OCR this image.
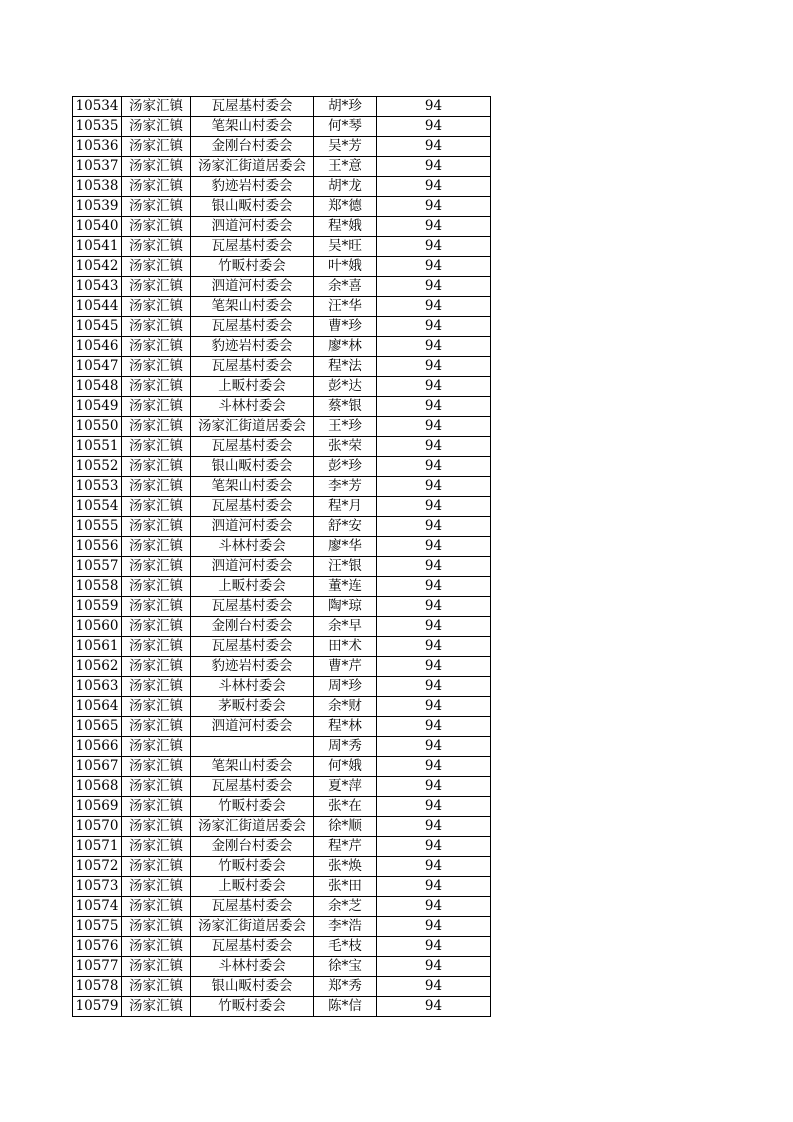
10534	汤家汇镇	瓦屋基村委会	胡*珍	94
10535	汤家汇镇	笔架山村委会	何*琴	94
10536	汤家汇镇	金刚台村委会	吴*芳	94
10537	汤家汇镇	汤家汇街道居委会	王*意	94
10538	汤家汇镇	豹迹岩村委会	胡*龙	94
10539	汤家汇镇	银山畈村委会	郑*德	94
10540	汤家汇镇	泗道河村委会	程*娥	94
10541	汤家汇镇	瓦屋基村委会	吴*旺	94
10542	汤家汇镇	竹畈村委会	叶*娥	94
10543	汤家汇镇	泗道河村委会	余*喜	94
10544	汤家汇镇	笔架山村委会	汪*华	94
10545	汤家汇镇	瓦屋基村委会	曹*珍	94
10546	汤家汇镇	豹迹岩村委会	廖*林	94
10547	汤家汇镇	瓦屋基村委会	程*法	94
10548	汤家汇镇	上畈村委会	彭*达	94
10549	汤家汇镇	斗林村委会	蔡*银	94
10550	汤家汇镇	汤家汇街道居委会	王*珍	94
10551	汤家汇镇	瓦屋基村委会	张*荣	94
10552	汤家汇镇	银山畈村委会	彭*珍	94
10553	汤家汇镇	笔架山村委会	李*芳	94
10554	汤家汇镇	瓦屋基村委会	程*月	94
10555	汤家汇镇	泗道河村委会	舒*安	94
10556	汤家汇镇	斗林村委会	廖*华	94
10557	汤家汇镇	泗道河村委会	汪*银	94
10558	汤家汇镇	上畈村委会	董*连	94
10559	汤家汇镇	瓦屋基村委会	陶*琼	94
10560	汤家汇镇	金刚台村委会	余*早	94
10561	汤家汇镇	瓦屋基村委会	田*术	94
10562	汤家汇镇	豹迹岩村委会	曹*芹	94
10563	汤家汇镇	斗林村委会	周*珍	94
10564	汤家汇镇	茅畈村委会	余*财	94
10565	汤家汇镇	泗道河村委会	程*林	94
10566	汤家汇镇		周*秀	94
10567	汤家汇镇	笔架山村委会	何*娥	94
10568	汤家汇镇	瓦屋基村委会	夏*萍	94
10569	汤家汇镇	竹畈村委会	张*在	94
10570	汤家汇镇	汤家汇街道居委会	徐*顺	94
10571	汤家汇镇	金刚台村委会	程*芹	94
10572	汤家汇镇	竹畈村委会	张*焕	94
10573	汤家汇镇	上畈村委会	张*田	94
10574	汤家汇镇	瓦屋基村委会	余*芝	94
10575	汤家汇镇	汤家汇街道居委会	李*浩	94
10576	汤家汇镇	瓦屋基村委会	毛*枝	94
10577	汤家汇镇	斗林村委会	徐*宝	94
10578	汤家汇镇	银山畈村委会	郑*秀	94
10579	汤家汇镇	竹畈村委会	陈*信	94
